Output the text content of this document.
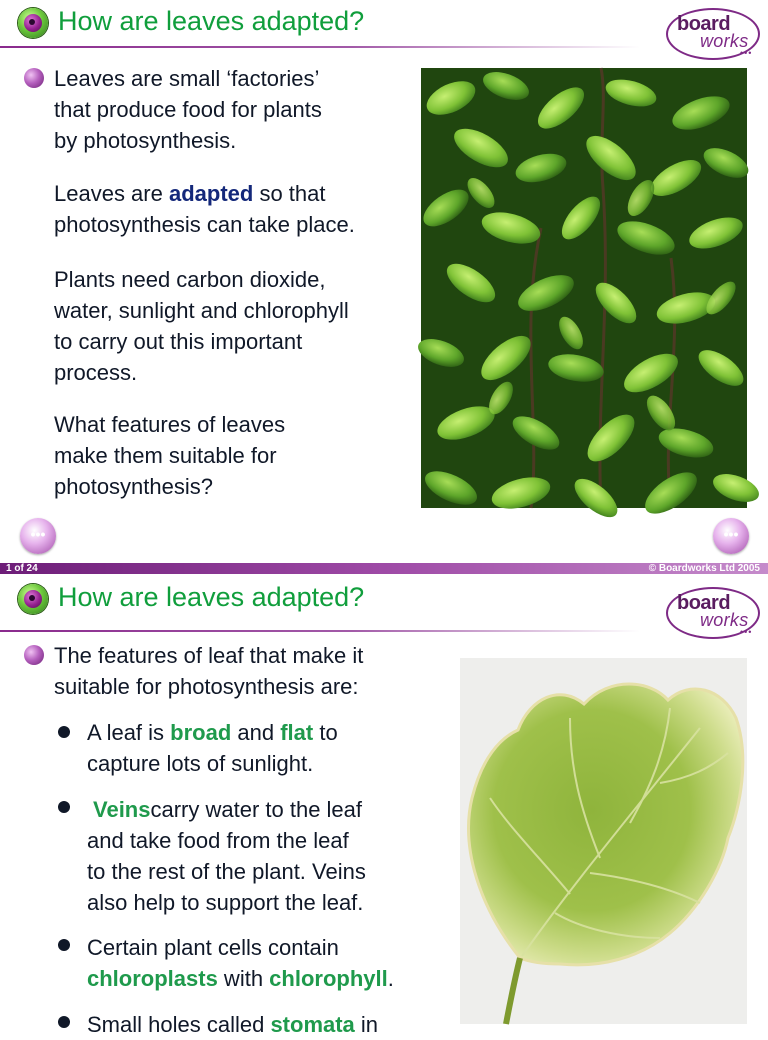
How are leaves adapted?	board
works
•••

Leaves are small ‘factories’

that produce food for plants

by photosynthesis.

Leaves are adapted so that

photosynthesis can take place.

Plants need carbon dioxide,

water, sunlight and chlorophyll

to carry out this important

process.

What features of leaves

make them suitable for

photosynthesis?

•••	•••
1 of 24	© Boardworks Ltd 2005
How are leaves adapted?	board
works
•••

The features of leaf that make it

suitable for photosynthesis are:

A leaf is broad and flat to

capture lots of sunlight.

Veinscarry water to the leaf

and take food from the leaf

to the rest of the plant. Veins

also help to support the leaf.

Certain plant cells contain

chloroplasts with chlorophyll.

Small holes called stomata in
